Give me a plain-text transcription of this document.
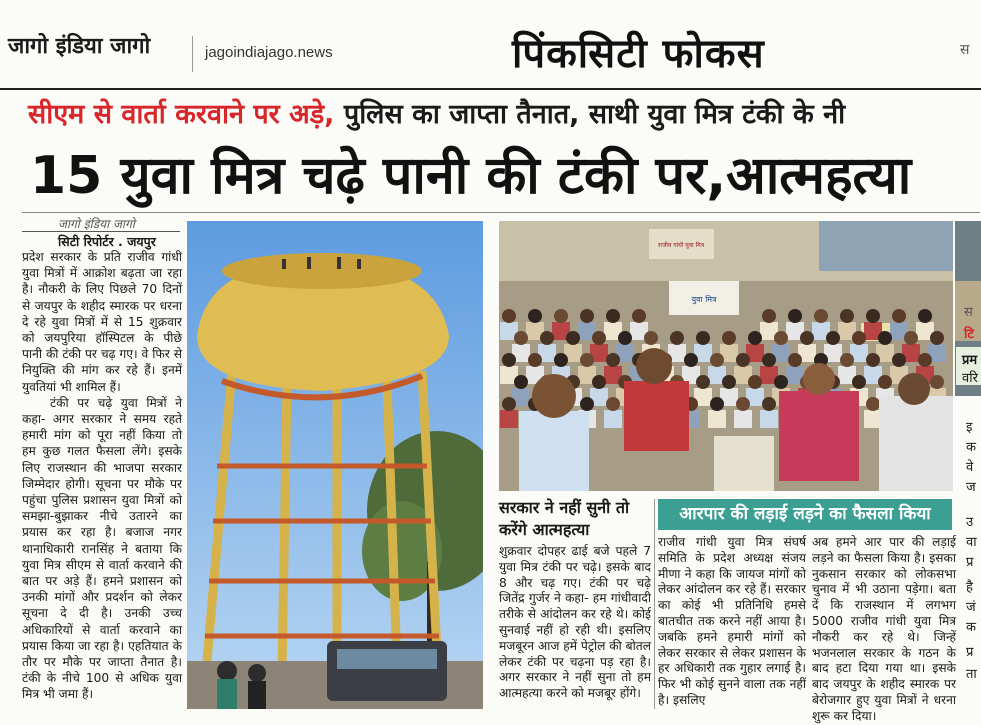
जागो इंडिया जागो	jagoindiajago.news	पिंकसिटी फोकस	स
सीएम से वार्ता करवाने पर अड़े, पुलिस का जाप्ता तैनात, साथी युवा मित्र टंकी के नी
15 युवा मित्र चढ़े पानी की टंकी पर,आत्महत्या
जागो इंडिया जागो
सिटी रिपोर्टर . जयपुर

प्रदेश सरकार के प्रति राजीव गांधी युवा मित्रों में आक्रोश बढ़ता जा रहा है। नौकरी के लिए पिछले 70 दिनों से जयपुर के शहीद स्मारक पर धरना दे रहे युवा मित्रों में से 15 शुक्रवार को जयपुरिया हॉस्पिटल के पीछे पानी की टंकी पर चढ़ गए। वे फिर से नियुक्ति की मांग कर रहे हैं। इनमें युवतियां भी शामिल हैं।

टंकी पर चढ़े युवा मित्रों ने कहा- अगर सरकार ने समय रहते हमारी मांग को पूरा नहीं किया तो हम कुछ गलत फैसला लेंगे। इसके लिए राजस्थान की भाजपा सरकार जिम्मेदार होगी। सूचना पर मौके पर पहुंचा पुलिस प्रशासन युवा मित्रों को समझा-बुझाकर नीचे उतारने का प्रयास कर रहा है। बजाज नगर थानाधिकारी रानसिंह ने बताया कि युवा मित्र सीएम से वार्ता करवाने की बात पर अड़े हैं। हमने प्रशासन को उनकी मांगों और प्रदर्शन को लेकर सूचना दे दी है। उनकी उच्च अधिकारियों से वार्ता करवाने का प्रयास किया जा रहा है। एहतियात के तौर पर मौके पर जाप्ता तैनात है। टंकी के नीचे 100 से अधिक युवा मित्र भी जमा हैं।

राजीव गांधी युवा मित्र
युवा मित्र
सरकार ने नहीं सुनी तो करेंगे आत्महत्या
शुक्रवार दोपहर ढाई बजे पहले 7 युवा मित्र टंकी पर चढ़े। इसके बाद 8 और चढ़ गए। टंकी पर चढ़े जितेंद्र गुर्जर ने कहा- हम गांधीवादी तरीके से आंदोलन कर रहे थे। कोई सुनवाई नहीं हो रही थी। इसलिए मजबूरन आज हमें पेट्रोल की बोतल लेकर टंकी पर चढ़ना पड़ रहा है। अगर सरकार ने नहीं सुना तो हम आत्महत्या करने को मजबूर होंगे।
आरपार की लड़ाई लड़ने का फैसला किया
राजीव गांधी युवा मित्र संघर्ष समिति के प्रदेश अध्यक्ष संजय मीणा ने कहा कि जायज मांगों को लेकर आंदोलन कर रहे हैं। सरकार का कोई भी प्रतिनिधि हमसे बातचीत तक करने नहीं आया है। जबकि हमने हमारी मांगों को लेकर सरकार से लेकर प्रशासन के हर अधिकारी तक गुहार लगाई है। फिर भी कोई सुनने वाला तक नहीं है। इसलिए
अब हमने आर पार की लड़ाई लड़ने का फैसला किया है। इसका नुकसान सरकार को लोकसभा चुनाव में भी उठाना पड़ेगा। बता दें कि राजस्थान में लगभग 5000 राजीव गांधी युवा मित्र नौकरी कर रहे थे। जिन्हें भजनलाल सरकार के गठन के बाद हटा दिया गया था। इसके बाद जयपुर के शहीद स्मारक पर बेरोजगार हुए युवा मित्रों ने धरना शुरू कर दिया।
स
टि
प्रम
वरि
इ
क
वे
ज
उ
वा
प्र
है
जं
क
प्र
ता
